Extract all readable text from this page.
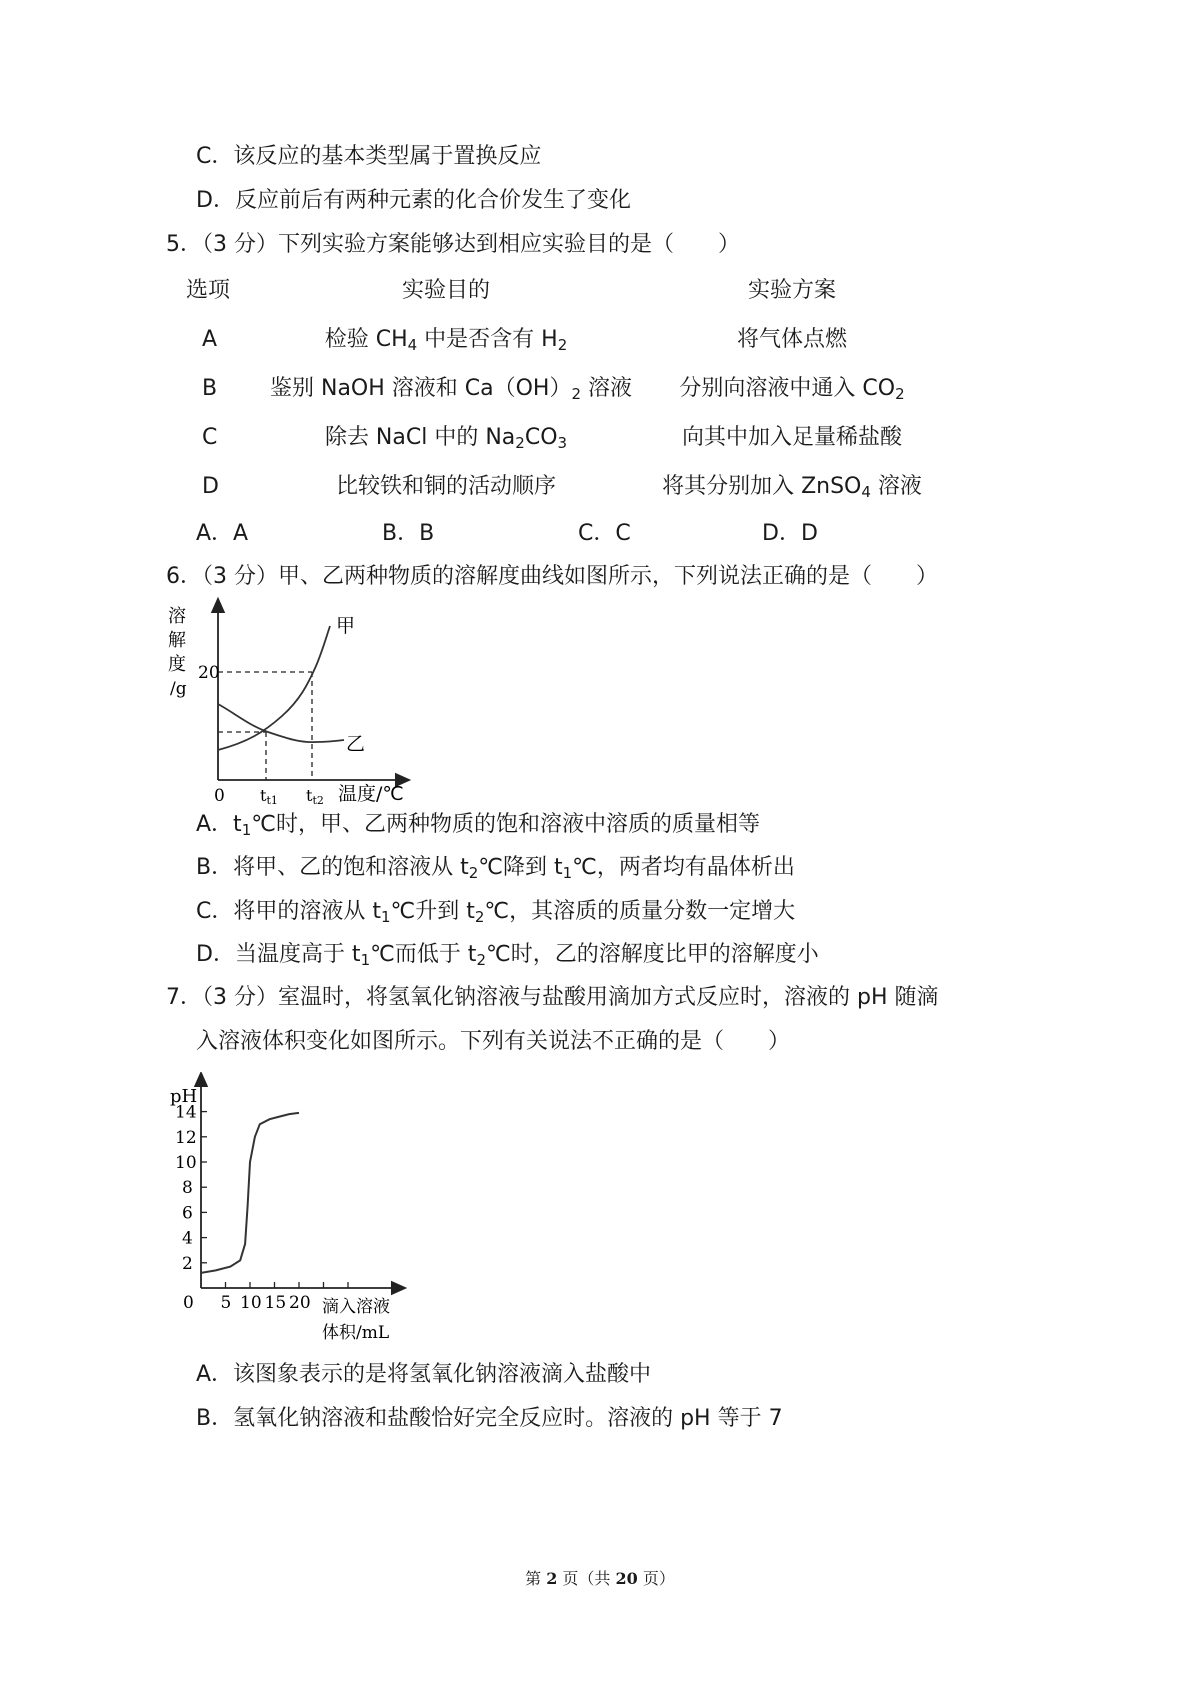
C．该反应的基本类型属于置换反应
D．反应前后有两种元素的化合价发生了变化
5．（3 分）下列实验方案能够达到相应实验目的是（　　）
选项	实验目的	实验方案
A	检验 $CH_4$ 中是否含有 $H_2$	将气体点燃
B 鉴别 NaOH 溶液和 $Ca(OH)_2$ 溶液	分别向溶液中通入 $CO_2$
C	除去 NaCl 中的 $Na_2CO_3$	向其中加入足量稀盐酸
D	比较铁和铜的活动顺序	将其分别加入 ZnSO$_4$ 溶液
A．A	B．B	C．C	D．D
6．（3 分）甲、乙两种物质的溶解度曲线如图所示，下列说法正确的是（　　）
溶
解
度
/g
20
0 tt1 tt2 温度/℃
甲
乙
A．$t_1℃$时，甲、乙两种物质的饱和溶液中溶质的质量相等
B．将甲、乙的饱和溶液从 $t_2℃$降到 $t_1℃$，两者均有晶体析出
C．将甲的溶液从 $t_1℃$升到 $t_2℃$，其溶质的质量分数一定增大
D．当温度高于 $t_1℃$而低于 $t_2℃$时，乙的溶解度比甲的溶解度小
7．（3 分）室温时，将氢氧化钠溶液与盐酸用滴加方式反应时，溶液的 pH 随滴
入溶液体积变化如图所示。下列有关说法不正确的是（　　）
pH
0	滴入溶液
体积/mL
5 10 15 20
2
4
6
8
10
12
14
A．该图象表示的是将氢氧化钠溶液滴入盐酸中
B．氢氧化钠溶液和盐酸恰好完全反应时。溶液的 pH 等于 7
第 2 页（共 20 页）
